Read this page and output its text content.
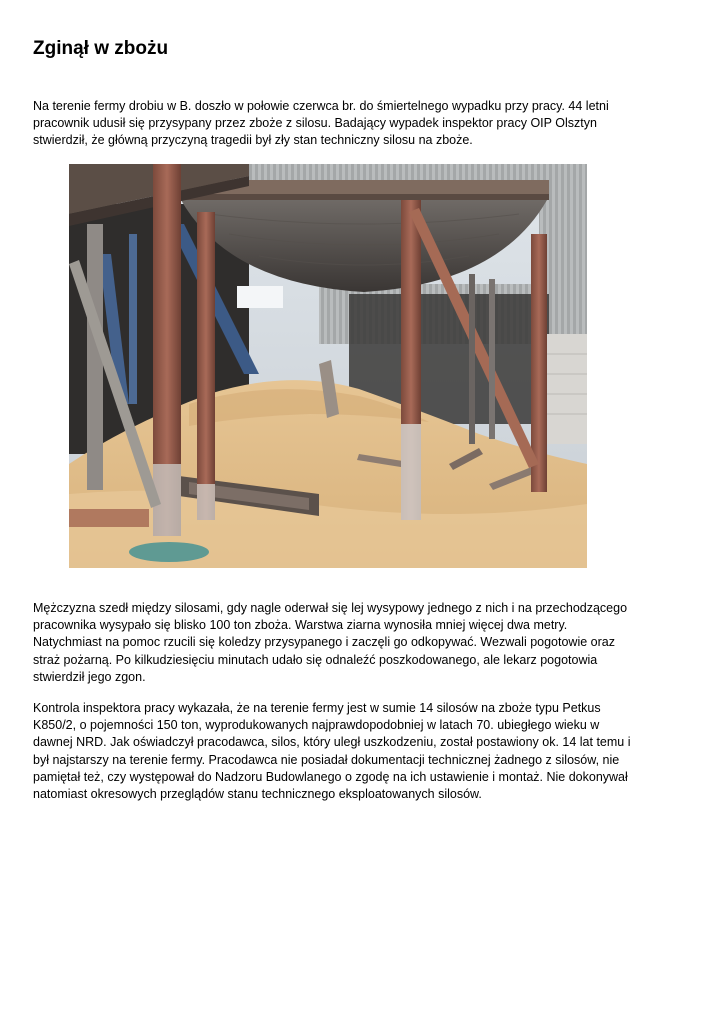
Zginął w zbożu

Na terenie fermy drobiu w B. doszło w połowie czerwca br. do śmiertelnego wypadku przy pracy. 44 letni pracownik udusił się przysypany przez zboże z silosu. Badający wypadek inspektor pracy OIP Olsztyn stwierdził, że główną przyczyną tragedii był zły stan techniczny silosu na zboże.

Mężczyzna szedł między silosami, gdy nagle oderwał się lej wysypowy jednego z nich i na przechodzącego pracownika wysypało się blisko 100 ton zboża. Warstwa ziarna wynosiła mniej więcej dwa metry. Natychmiast na pomoc rzucili się koledzy przysypanego i zaczęli go odkopywać. Wezwali pogotowie oraz straż pożarną. Po kilkudziesięciu minutach udało się odnaleźć poszkodowanego, ale lekarz pogotowia stwierdził jego zgon.

Kontrola inspektora pracy wykazała, że na terenie fermy jest w sumie 14 silosów na zboże typu Petkus K850/2, o pojemności 150 ton, wyprodukowanych najprawdopodobniej w latach 70. ubiegłego wieku w dawnej NRD. Jak oświadczył pracodawca, silos, który uległ uszkodzeniu, został postawiony ok. 14 lat temu i był najstarszy na terenie fermy. Pracodawca nie posiadał dokumentacji technicznej żadnego z silosów, nie pamiętał też, czy występował do Nadzoru Budowlanego o zgodę na ich ustawienie i montaż. Nie dokonywał natomiast okresowych przeglądów stanu technicznego eksploatowanych silosów.
